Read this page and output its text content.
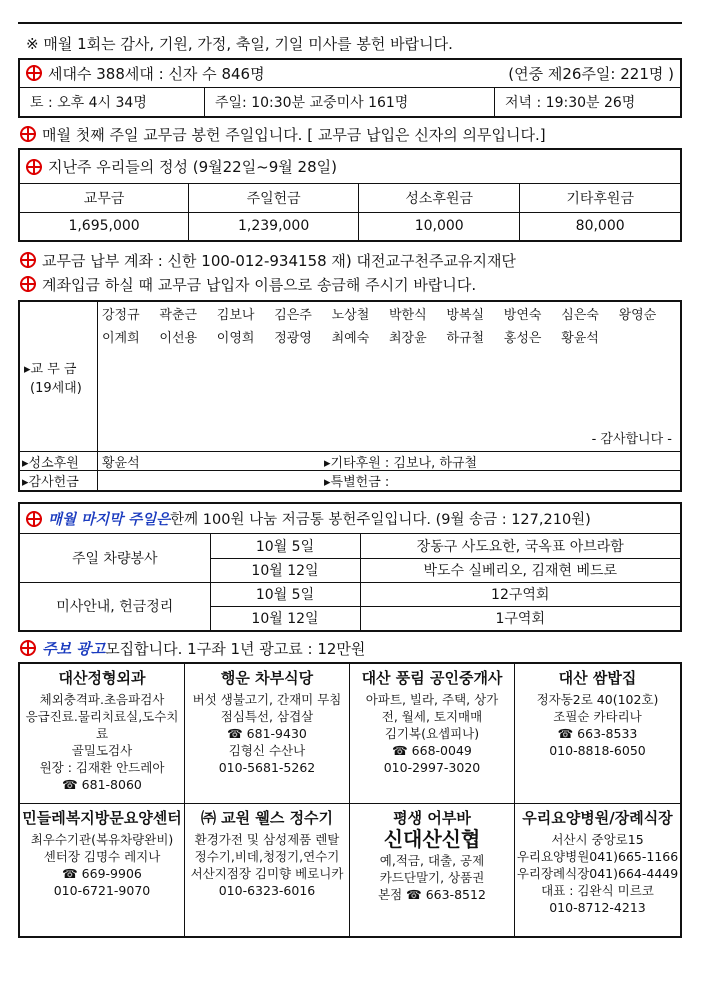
※ 매월 1회는 감사, 기원, 가정, 축일, 기일 미사를 봉헌 바랍니다.
세대수 388세대 : 신자 수 846명	(연중 제26주일: 221명 )
토 : 오후 4시 34명	주일: 10:30분 교중미사 161명	저녁 : 19:30분 26명
매월 첫째 주일 교무금 봉헌 주일입니다. [ 교무금 납입은 신자의 의무입니다.]
지난주 우리들의 정성 (9월22일~9월 28일)
교무금	주일헌금	성소후원금	기타후원금
1,695,000	1,239,000	10,000	80,000
교무금 납부 계좌 : 신한 100-012-934158 재) 대전교구천주교유지재단
계좌입금 하실 때 교무금 납입자 이름으로 송금해 주시기 바랍니다.
▸교 무 금
(19세대)
강정규	곽춘근	김보나	김은주	노상철	박한식	방복실	방연숙	심은숙	왕영순
이계희	이선용	이영희	정광영	최예숙	최장윤	하규철	홍성은	황윤석
- 감사합니다 -
▸성소후원	황윤석	▸기타후원 : 김보나, 하규철
▸감사헌금	▸특별헌금 :
매월 마지막 주일은 한께 100원 나눔 저금통 봉헌주일입니다. (9월 송금 : 127,210원)
주일 차량봉사	10월 5일	장동구 사도요한, 국옥표 아브라함
	10월 12일	박도수 실베리오, 김재현 베드로
미사안내, 헌금정리	10월 5일	12구역회
	10월 12일	1구역회
주보 광고 모집합니다. 1구좌 1년 광고료 : 12만원
대산정형외과
체외충격파.초음파검사
응급진료.물리치료실,도수치료
골밀도검사
원장 : 김재환 안드레아
☎ 681-8060
행운 차부식당
버섯 생불고기, 간재미 무침
점심특선, 삼겹살
☎ 681-9430
김형신 수산나
010-5681-5262
대산 풍림 공인중개사
아파트, 빌라, 주택, 상가
전, 월세, 토지매매
김기복(요셉피나)
☎ 668-0049
010-2997-3020
대산 쌈밥집
정자동2로 40(102호)
조필순 카타리나
☎ 663-8533
010-8818-6050
민들레복지방문요양센터
최우수기관(복유차량완비)
센터장 김명수 레지나
☎ 669-9906
010-6721-9070
㈜ 교원 웰스 정수기
환경가전 및 삼성제품 렌탈
정수기,비데,청정기,연수기
서산지점장 김미향 베로니카
010-6323-6016
평생 어부바
신대산신협
예,적금, 대출, 공제
카드단말기, 상품권
본점 ☎ 663-8512
우리요양병원/장례식장
서산시 중앙로15
우리요양병원041)665-1166
우리장례식장041)664-4449
대표 : 김완식 미르코
010-8712-4213
